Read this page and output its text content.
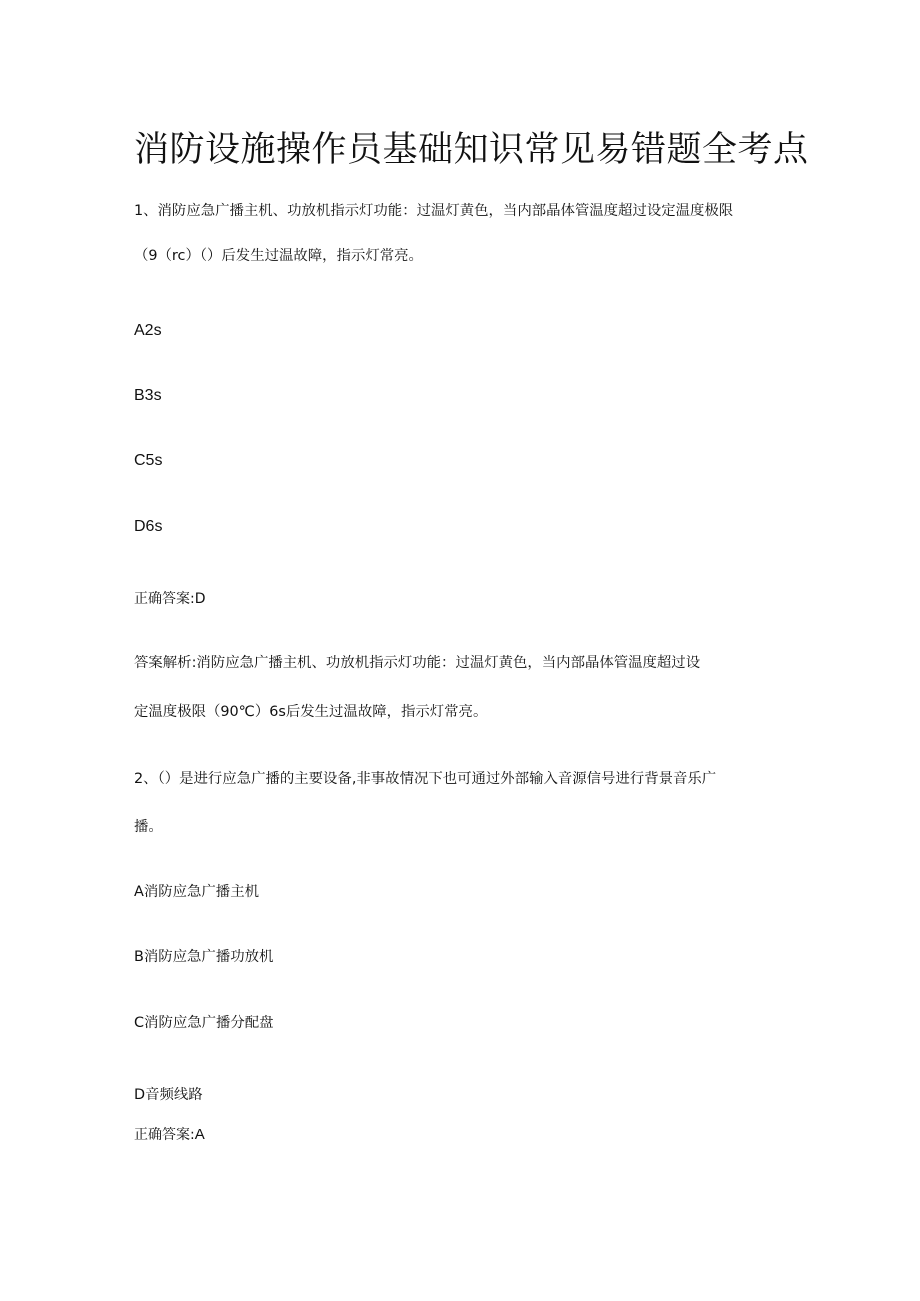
消防设施操作员基础知识常见易错题全考点
1、消防应急广播主机、功放机指示灯功能：过温灯黄色，当内部晶体管温度超过设定温度极限
（9（rc）（）后发生过温故障，指示灯常亮。
A2s
B3s
C5s
D6s
正确答案:D
答案解析:消防应急广播主机、功放机指示灯功能：过温灯黄色，当内部晶体管温度超过设
定温度极限（90℃）6s后发生过温故障，指示灯常亮。
2、（）是进行应急广播的主要设备,非事故情况下也可通过外部输入音源信号进行背景音乐广
播。
A消防应急广播主机
B消防应急广播功放机
C消防应急广播分配盘
D音频线路
正确答案:A
